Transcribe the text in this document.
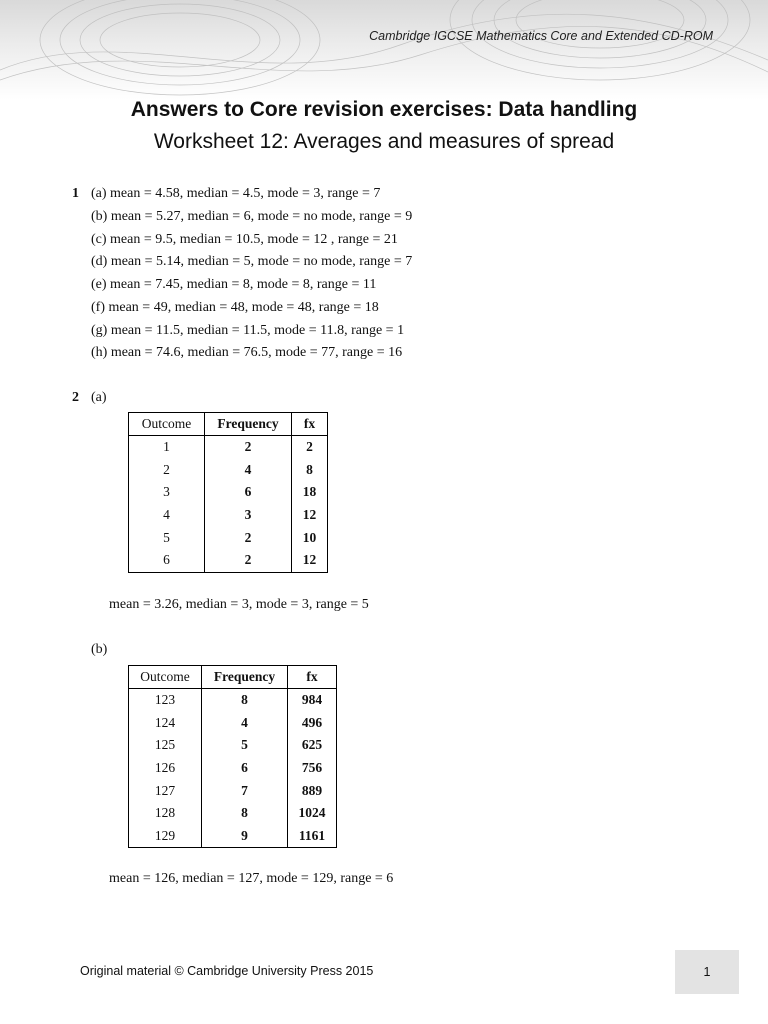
Cambridge IGCSE Mathematics Core and Extended CD-ROM
Answers to Core revision exercises: Data handling
Worksheet 12: Averages and measures of spread
1 (a) mean = 4.58, median = 4.5, mode = 3, range = 7
(b) mean = 5.27, median = 6, mode = no mode, range = 9
(c) mean = 9.5, median = 10.5, mode = 12 , range = 21
(d) mean = 5.14, median = 5, mode = no mode, range = 7
(e) mean = 7.45, median = 8, mode = 8, range = 11
(f) mean = 49, median = 48, mode = 48, range = 18
(g) mean = 11.5, median = 11.5, mode = 11.8, range = 1
(h) mean = 74.6, median = 76.5, mode = 77, range = 16
2 (a)
Outcome	Frequency	fx
1	2	2
2	4	8
3	6	18
4	3	12
5	2	10
6	2	12
mean = 3.26, median = 3, mode = 3, range = 5
(b)
Outcome	Frequency	fx
123	8	984
124	4	496
125	5	625
126	6	756
127	7	889
128	8	1024
129	9	1161
mean = 126, median = 127, mode = 129, range = 6
Original material © Cambridge University Press 2015	1
